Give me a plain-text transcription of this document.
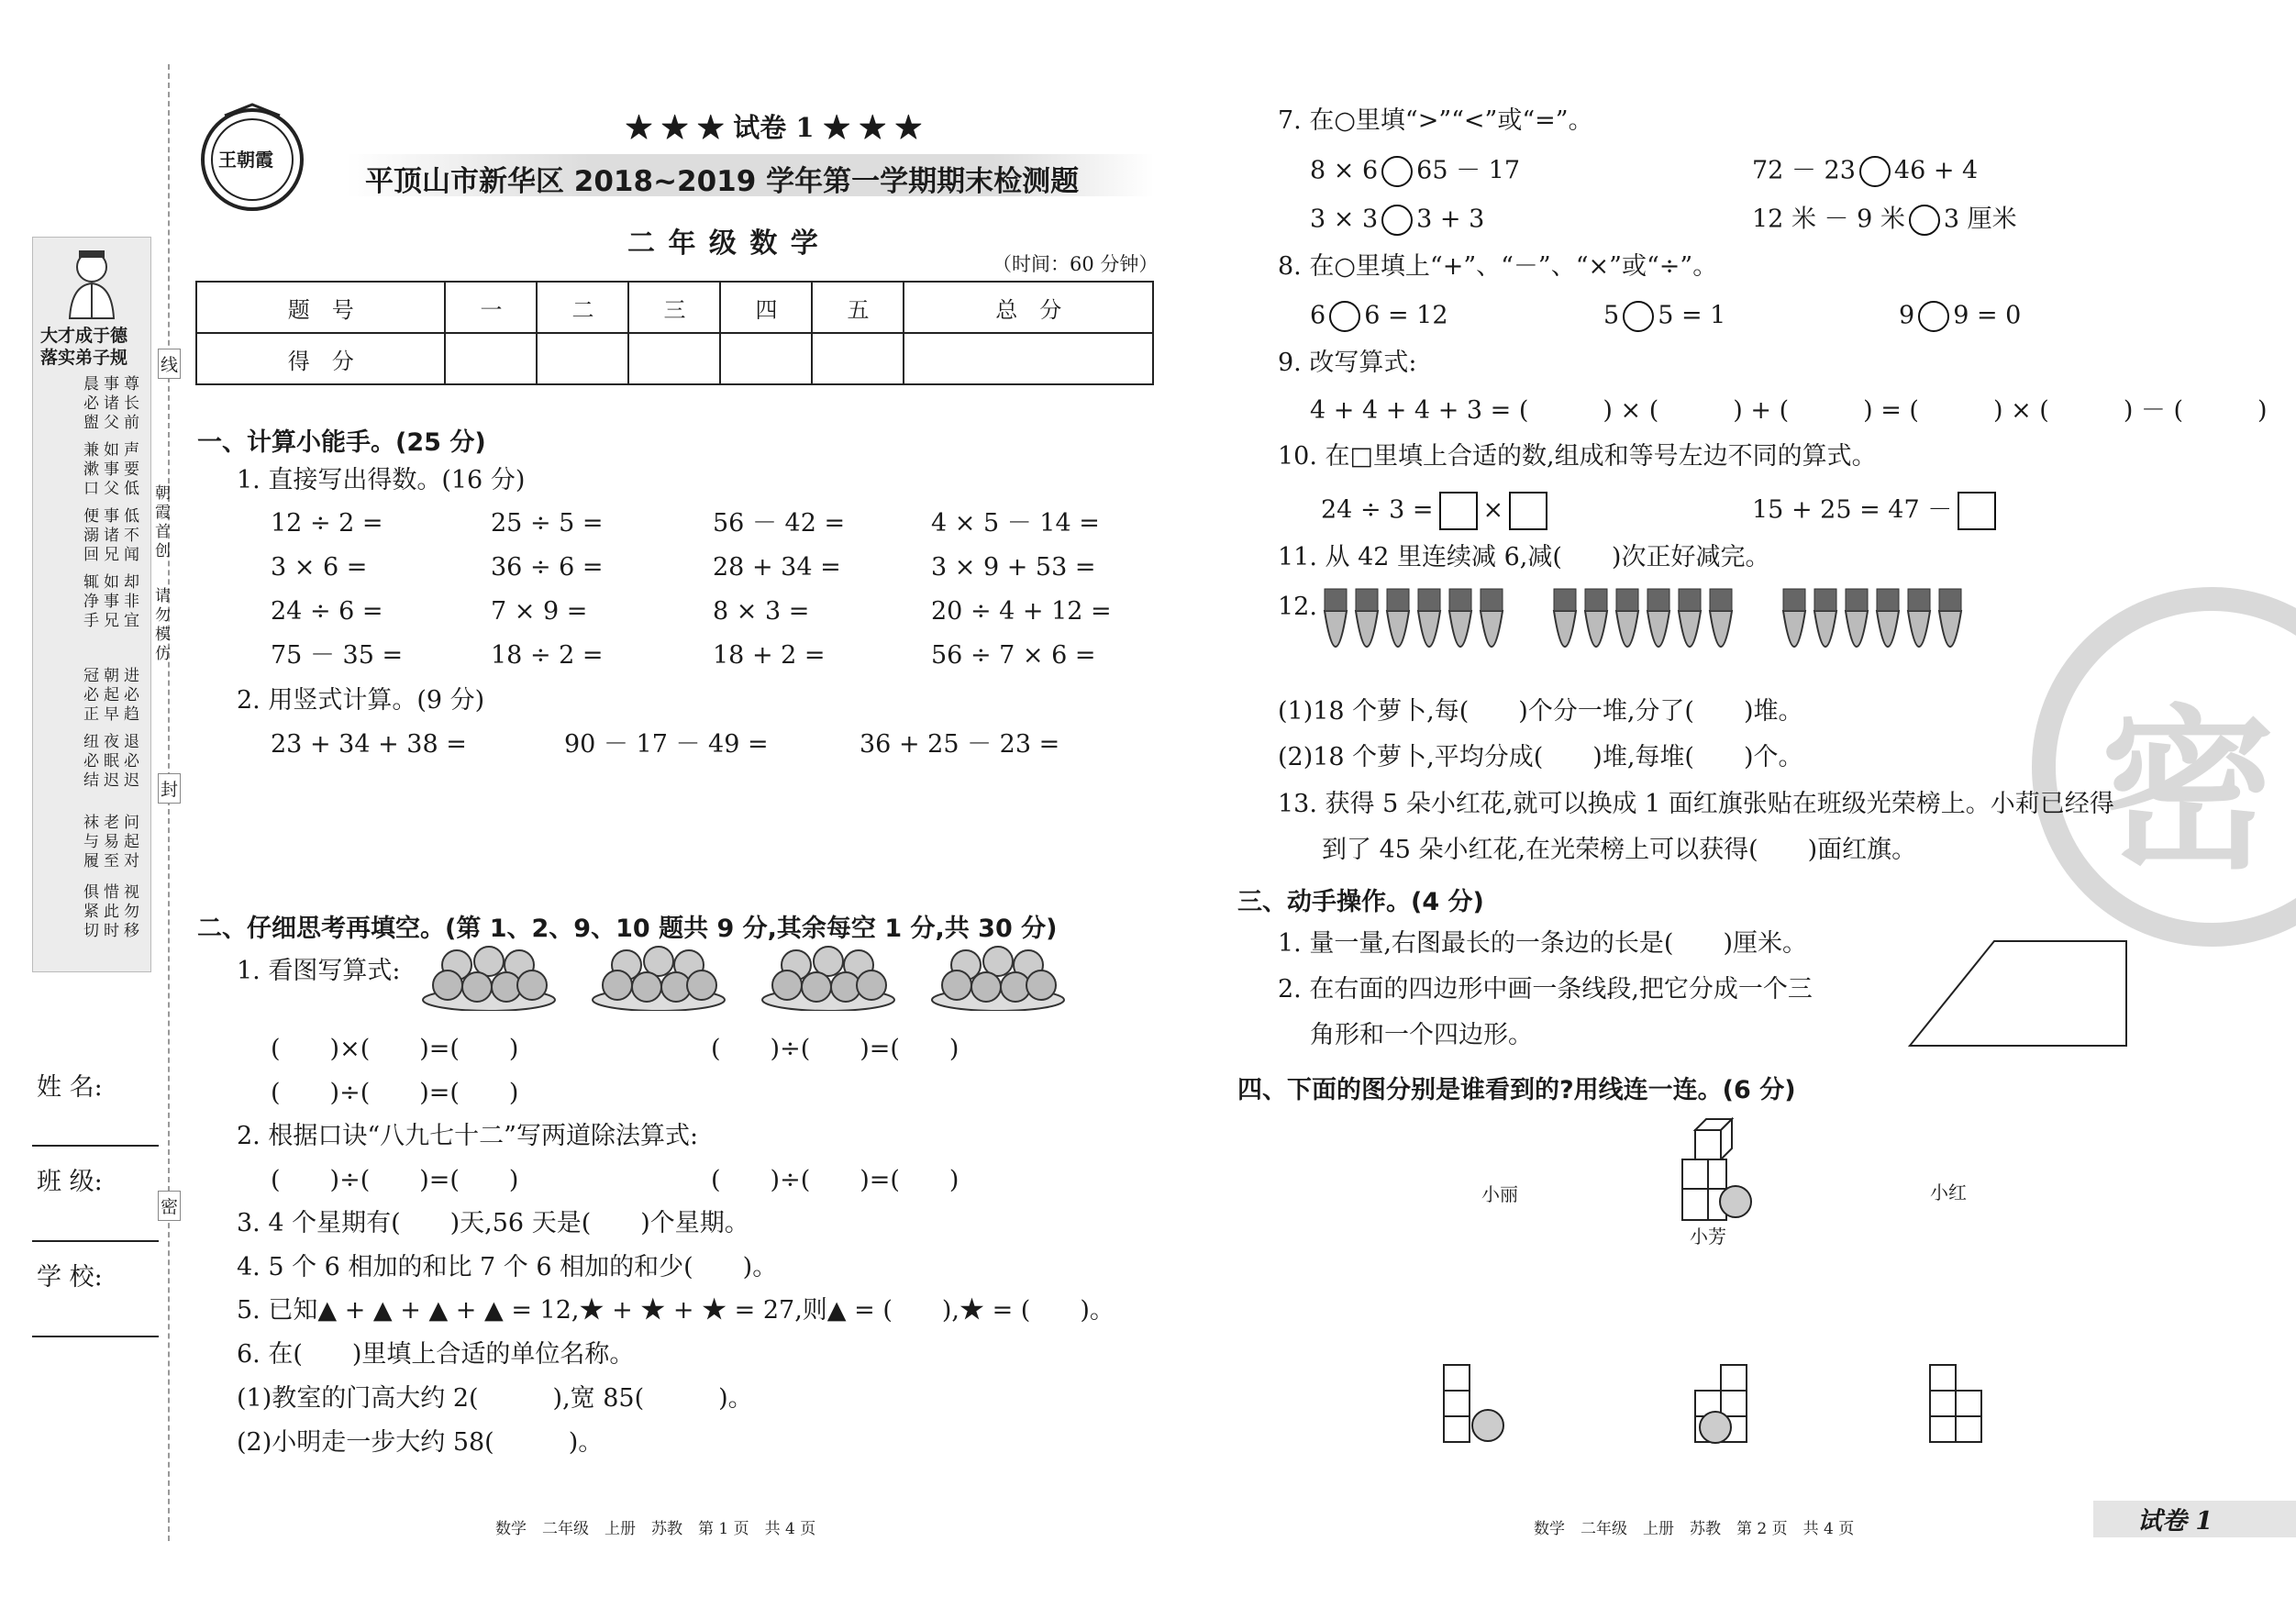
大才成于德
落实弟子规
尊长前
事诸父
晨必盥
声要低
如事父
兼漱口
低不闻
事诸兄
便溺回
却非宜
如事兄
辄净手
进必趋
朝起早
冠必正
退必迟
夜眠迟
纽必结
问起对
老易至
袜与履
视勿移
惜此时
俱紧切
线
朝霞首创
请勿模仿
封
密
姓 名:
班 级:
学 校:
王朝霞
★ ★ ★ 试卷 1 ★ ★ ★
平顶山市新华区 2018~2019 学年第一学期期末检测题
二 年 级 数 学
（时间：60 分钟）
题　号	一	二	三	四	五	总　分
得　分						
一、计算小能手。(25 分)
1. 直接写出得数。(16 分)
12 ÷ 2 =	25 ÷ 5 =	56 － 42 =	4 × 5 － 14 =
3 × 6 =	36 ÷ 6 =	28 + 34 =	3 × 9 + 53 =
24 ÷ 6 =	7 × 9 =	8 × 3 =	20 ÷ 4 + 12 =
75 － 35 =	18 ÷ 2 =	18 + 2 =	56 ÷ 7 × 6 =
2. 用竖式计算。(9 分)
23 + 34 + 38 =	90 － 17 － 49 =	36 + 25 － 23 =
二、仔细思考再填空。(第 1、2、9、10 题共 9 分,其余每空 1 分,共 30 分)
1. 看图写算式:
(　　)×(　　)=(　　)	(　　)÷(　　)=(　　)
(　　)÷(　　)=(　　)
2. 根据口诀“八九七十二”写两道除法算式:
(　　)÷(　　)=(　　)	(　　)÷(　　)=(　　)
3. 4 个星期有(　　)天,56 天是(　　)个星期。
4. 5 个 6 相加的和比 7 个 6 相加的和少(　　)。
5. 已知▲ + ▲ + ▲ + ▲ = 12,★ + ★ + ★ = 27,则▲ = (　　),★ = (　　)。
6. 在(　　)里填上合适的单位名称。
(1)教室的门高大约 2(　　　),宽 85(　　　)。
(2)小明走一步大约 58(　　　)。
数学　二年级　上册　苏教　第 1 页　共 4 页
密
7. 在○里填“>”“<”或“=”。
8 × 6 65 － 17	72 － 23 46 + 4
3 × 3 3 + 3	12 米 － 9 米 3 厘米
8. 在○里填上“+”、“－”、“×”或“÷”。
6 6 = 12	5 5 = 1	9 9 = 0
9. 改写算式:
4 + 4 + 4 + 3 = (　　　) × (　　　) + (　　　) = (　　　) × (　　　) － (　　　)
10. 在□里填上合适的数,组成和等号左边不同的算式。
24 ÷ 3 = ×	15 + 25 = 47 －
11. 从 42 里连续减 6,减(　　)次正好减完。
12.
(1)18 个萝卜,每(　　)个分一堆,分了(　　)堆。
(2)18 个萝卜,平均分成(　　)堆,每堆(　　)个。
13. 获得 5 朵小红花,就可以换成 1 面红旗张贴在班级光荣榜上。小莉已经得
到了 45 朵小红花,在光荣榜上可以获得(　　)面红旗。
三、动手操作。(4 分)
1. 量一量,右图最长的一条边的长是(　　)厘米。
2. 在右面的四边形中画一条线段,把它分成一个三
角形和一个四边形。
四、下面的图分别是谁看到的?用线连一连。(6 分)
小丽	小红
小芳
数学　二年级　上册　苏教　第 2 页　共 4 页	试卷 1
